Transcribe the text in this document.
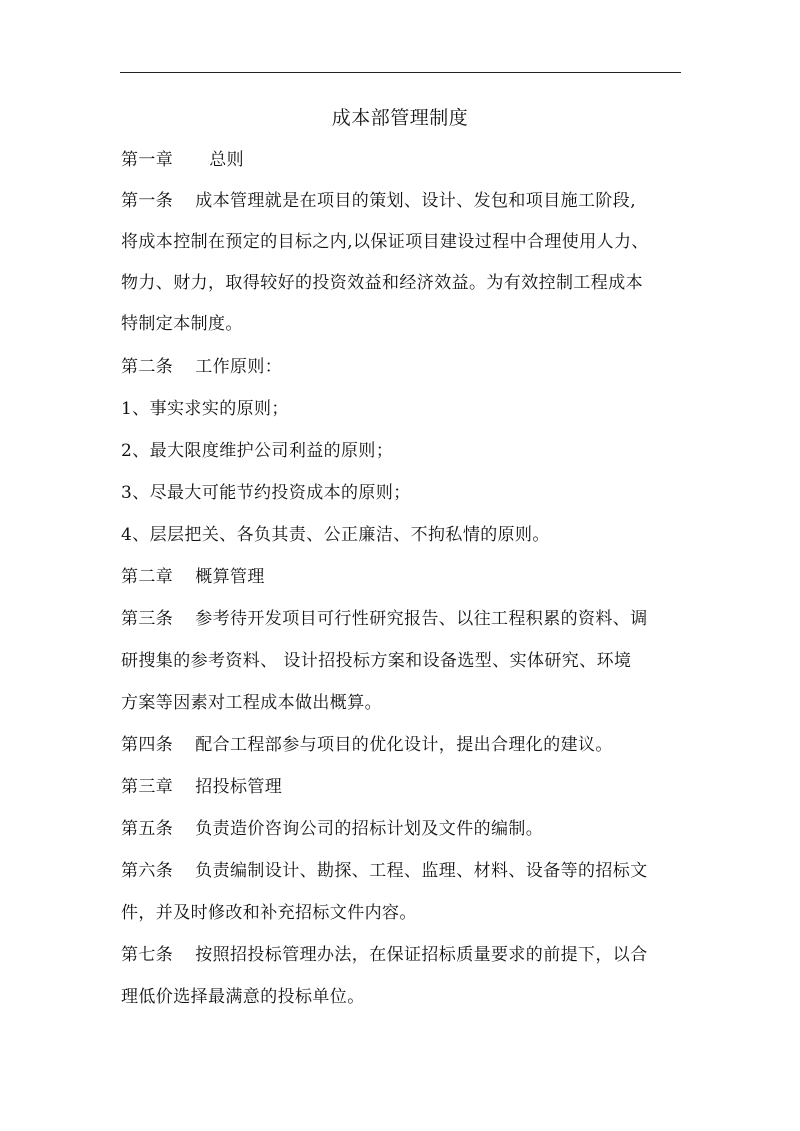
成本部管理制度
第一章 总则
第一条 成本管理就是在项目的策划、设计、发包和项目施工阶段,
将成本控制在预定的目标之内,以保证项目建设过程中合理使用人力、
物力、财力，取得较好的投资效益和经济效益。为有效控制工程成本
特制定本制度。
第二条 工作原则：
1、事实求实的原则；
2、最大限度维护公司利益的原则；
3、尽最大可能节约投资成本的原则；
4、层层把关、各负其责、公正廉洁、不拘私情的原则。
第二章 概算管理
第三条 参考待开发项目可行性研究报告、以往工程积累的资料、调
研搜集的参考资料、 设计招投标方案和设备选型、实体研究、环境
方案等因素对工程成本做出概算。
第四条 配合工程部参与项目的优化设计，提出合理化的建议。
第三章 招投标管理
第五条 负责造价咨询公司的招标计划及文件的编制。
第六条 负责编制设计、勘探、工程、监理、材料、设备等的招标文
件，并及时修改和补充招标文件内容。
第七条 按照招投标管理办法，在保证招标质量要求的前提下，以合
理低价选择最满意的投标单位。
